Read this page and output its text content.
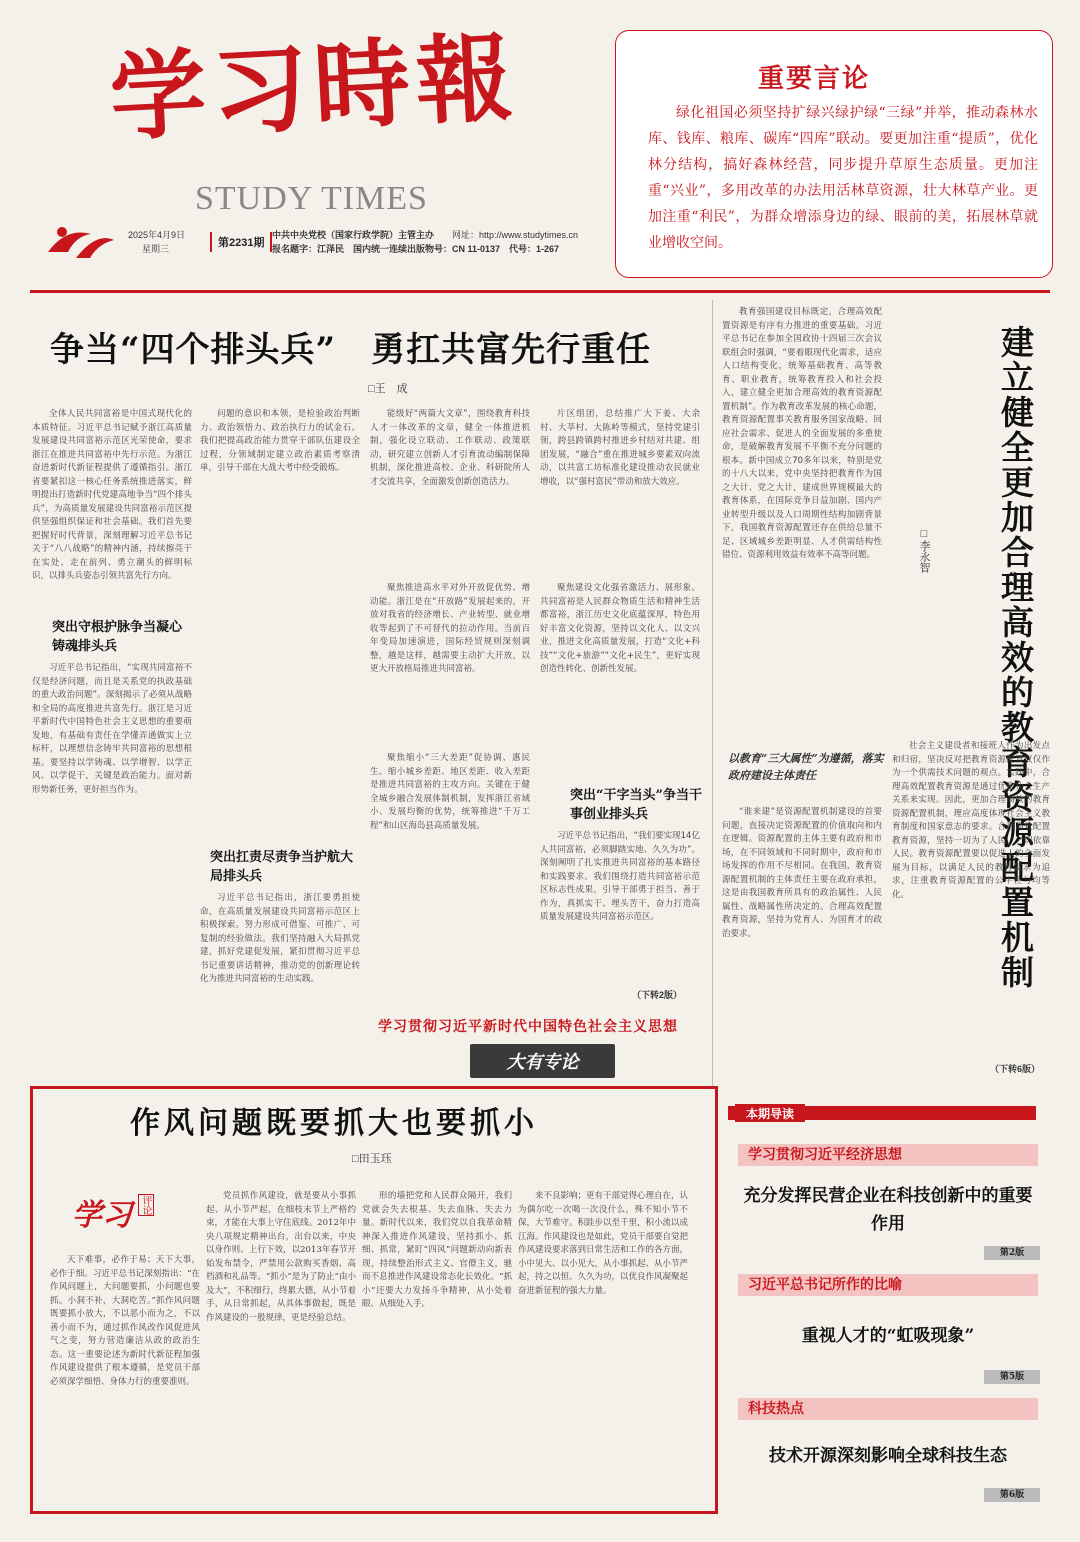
学习時報
STUDY TIMES
2025年4月9日
星期三	第2231期
中共中央党校（国家行政学院）主管主办　　 网址：http://www.studytimes.cn
报名题字：江泽民　国内统一连续出版物号：CN 11-0137　代号：1-267
重要言论
绿化祖国必须坚持扩绿兴绿护绿“三绿”并举，推动森林水库、钱库、粮库、碳库“四库”联动。要更加注重“提质”，优化林分结构，搞好森林经营，同步提升草原生态质量。更加注重“兴业”，多用改革的办法用活林草资源，壮大林草产业。更加注重“利民”，为群众增添身边的绿、眼前的美，拓展林草就业增收空间。
争当“四个排头兵”　勇扛共富先行重任
□王　成
全体人民共同富裕是中国式现代化的本质特征。习近平总书记赋予浙江高质量发展建设共同富裕示范区光荣使命，要求浙江在推进共同富裕中先行示范。为浙江奋进新时代新征程提供了遵循指引。浙江省要紧扣这一核心任务系统推进落实，鲜明提出打造新时代党建高地争当“四个排头兵”，为高质量发展建设共同富裕示范区提供坚强组织保证和社会基础。我们首先要把握好时代背景，深刻理解习近平总书记关于“八八战略”的精神内涵，持续擦亮干在实处、走在前列、勇立潮头的鲜明标识，以排头兵姿态引领共富先行方向。
突出守根护脉争当凝心铸魂排头兵
习近平总书记指出，“实现共同富裕不仅是经济问题，而且是关系党的执政基础的重大政治问题”。深刻揭示了必须从战略和全局的高度推进共富先行。浙江是习近平新时代中国特色社会主义思想的重要萌发地，有基础有责任在学懂弄通做实上立标杆，以理想信念铸牢共同富裕的思想根基。要坚持以学铸魂、以学增智、以学正风、以学促干，关键是政治能力。面对新形势新任务，更好担当作为。
问题的意识和本领，是检验政治判断力、政治领悟力、政治执行力的试金石。我们把提高政治能力贯穿干部队伍建设全过程，分领域制定建立政治素质考察清单，引导干部在大战大考中经受锻炼。
突出扛责尽责争当护航大局排头兵
习近平总书记指出，浙江要勇担使命，在高质量发展建设共同富裕示范区上积极探索。努力形成可借鉴、可推广、可复制的经验做法。我们坚持融入大局抓党建，抓好党建促发展，紧扣贯彻习近平总书记重要讲话精神，推动党的创新理论转化为推进共同富裕的生动实践。
能级好“两篇大文章”，围绕教育科技人才一体改革的文章，健全一体推进机制，强化设立联动、工作联动、政策联动，研究建立创新人才引育流动编制保障机制，深化推进高校、企业、科研院所人才交流共享，全面激发创新创造活力。
聚焦推进高水平对外开放促优势、增动能。浙江是在“开放路”发展起来的，开放对我省的经济增长、产业转型、就业增收等起到了不可替代的拉动作用。当前百年变局加速演进，国际经贸规则深刻调整，越是这样，越需要主动扩大开放，以更大开放格局推进共同富裕。
聚焦缩小“三大差距”促协调、惠民生。缩小城乡差距、地区差距、收入差距是推进共同富裕的主攻方向。关键在于健全城乡融合发展体制机制，发挥浙江省域小、发展均衡的优势，统筹推进“千万工程”和山区海岛县高质量发展。
片区组团，总结推广大下姜、大余村、大莘村、大陈岭等模式，坚持党建引领，跨县跨镇跨村推进乡村结对共建、组团发展，“融合”重在推进城乡要素双向流动，以共富工坊标准化建设推动农民就业增收，以“强村富民”带动和放大效应。
聚焦建设文化强省激活力、展形象。共同富裕是人民群众物质生活和精神生活都富裕，浙江历史文化底蕴深厚，特色用好丰富文化资源，坚持以文化人、以文兴业，推进文化高质量发展，打造“文化+科技”“文化+旅游”“文化+民生”，更好实现创造性转化、创新性发展。
突出“干字当头”争当干事创业排头兵
习近平总书记指出，“我们要实现14亿人共同富裕，必须脚踏实地、久久为功”。深刻阐明了扎实推进共同富裕的基本路径和实践要求。我们围绕打造共同富裕示范区标志性成果，引导干部勇于担当、善于作为，真抓实干、埋头苦干，奋力打造高质量发展建设共同富裕示范区。
（下转2版）
学习贯彻习近平新时代中国特色社会主义思想
大有专论
建立健全更加合理高效的教育资源配置机制
□李永智
教育强国建设目标既定，合理高效配置资源是有序有力推进的重要基础。习近平总书记在参加全国政协十四届三次会议联组会时强调，“要着眼现代化需求，适应人口结构变化，统筹基础教育、高等教育、职业教育，统筹教育投入和社会投入，建立健全更加合理高效的教育资源配置机制”。作为教育改革发展的核心命题，教育资源配置事关教育服务国家战略、回应社会需求、促进人的全面发展的多重使命，是破解教育发展不平衡不充分问题的根本。新中国成立70多年以来，特别是党的十八大以来，党中央坚持把教育作为国之大计、党之大计，建成世界规模最大的教育体系，在国际竞争日益加剧、国内产业转型升级以及人口周期性结构加剧背景下，我国教育资源配置还存在供给总量不足、区域城乡差距明显、人才供需结构性错位、资源利用效益有效率不高等问题。
以教育“三大属性”为遵循，落实政府建设主体责任
“谁来建”是资源配置机制建设的首要问题，直接决定资源配置的价值取向和内在逻辑。资源配置的主体主要有政府和市场，在不同领域和不同时期中，政府和市场发挥的作用不尽相同。在我国，教育资源配置机制的主体责任主要在政府承担，这是由我国教育所具有的政治属性、人民属性、战略属性所决定的。合理高效配置教育资源，坚持为党育人、为国育才的政治要求。
社会主义建设者和接班人作为出发点和归宿，坚决反对把教育资源配置仅仅作为一个供需技术问题的观点。实践中，合理高效配置教育资源是通过优化社会生产关系来实现。因此，更加合理高效的教育资源配置机制，理应高度体现社会主义教育制度和国家意志的要求。合理高效配置教育资源，坚持一切为了人民、一切依靠人民。教育资源配置要以促进人的全面发展为目标，以满足人民的教育需求为追求，注重教育资源配置的公平性与均等化。
（下转6版）
作风问题既要抓大也要抓小
□田玉珏
学习 评论
天下难事，必作于易；天下大事，必作于细。习近平总书记深刻指出：“在作风问题上，大问题要抓，小问题也要抓。小洞不补，大洞吃苦。”抓作风问题既要抓小放大，不以恶小而为之，不以善小而不为，通过抓作风改作风促进风气之变，努力营造廉洁从政的政治生态。这一重要论述为新时代新征程加强作风建设提供了根本遵循，是党员干部必须深学细悟、身体力行的重要准则。
党员抓作风建设，就是要从小事抓起、从小节严起，在细枝末节上严格约束，才能在大事上守住底线。2012年中央八项规定精神出台，出台以来，中央以身作则、上行下效，以2013年春节开始发布禁令，严禁用公款购买香烟、高档酒和礼品等。“抓小”是为了防止“由小及大”，不积细行，终累大德，从小节着手，从日常抓起，从具体事做起，既是作风建设的一般规律，更是经验总结。
形的墙把党和人民群众隔开，我们党就会失去根基、失去血脉、失去力量。新时代以来，我们党以自我革命精神深入推进作风建设，坚持抓小、抓细、抓常，紧盯“四风”问题新动向新表现，持续整治形式主义、官僚主义，驰而不息推进作风建设常态化长效化。“抓小”还要大力发扬斗争精神，从小处着眼、从细处入手。
来不良影响；更有干部觉得心理自在，认为偶尔吃一次喝一次没什么，殊不知小节不保，大节难守。积跬步以至千里，积小流以成江海。作风建设也是如此，党员干部要自觉把作风建设要求落到日常生活和工作的各方面，小中见大、以小见大，从小事抓起、从小节严起，持之以恒、久久为功，以优良作风凝聚起奋进新征程的强大力量。
本期导读
学习贯彻习近平经济思想
充分发挥民营企业在科技创新中的重要作用
第2版
习近平总书记所作的比喻
重视人才的“虹吸现象”
第5版
科技热点
技术开源深刻影响全球科技生态
第6版
